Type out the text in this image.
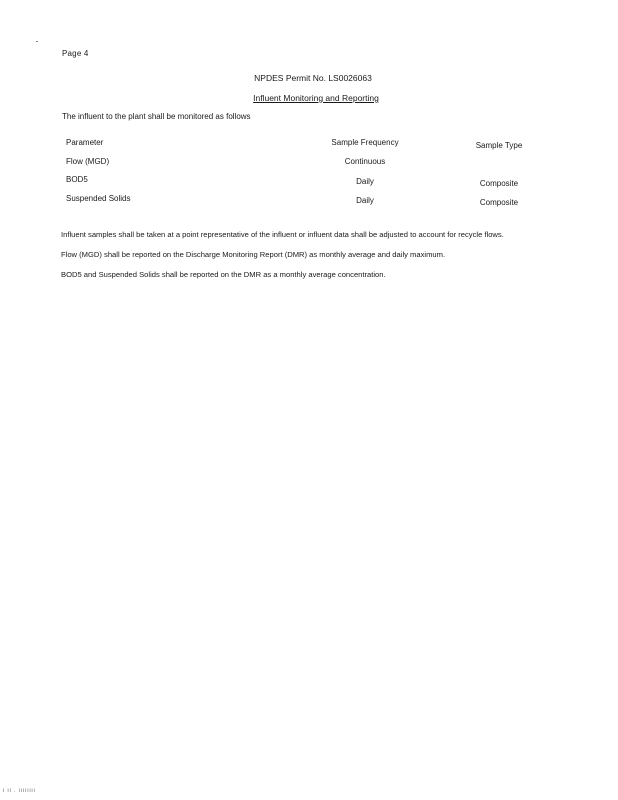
Page 4
NPDES Permit No. LS0026063
Influent Monitoring and Reporting
The influent to the plant shall be monitored as follows
Parameter	Sample Frequency	Sample Type
Flow (MGD)	Continuous
BOD5	Daily	Composite
Suspended Solids	Daily	Composite
Influent samples shall be taken at a point representative of the influent or influent data shall be adjusted to account for recycle flows.
Flow (MGD) shall be reported on the Discharge Monitoring Report (DMR) as monthly average and daily maximum.
BOD5 and Suspended Solids shall be reported on the DMR as a monthly average concentration.
i ii . iiiiiiii
